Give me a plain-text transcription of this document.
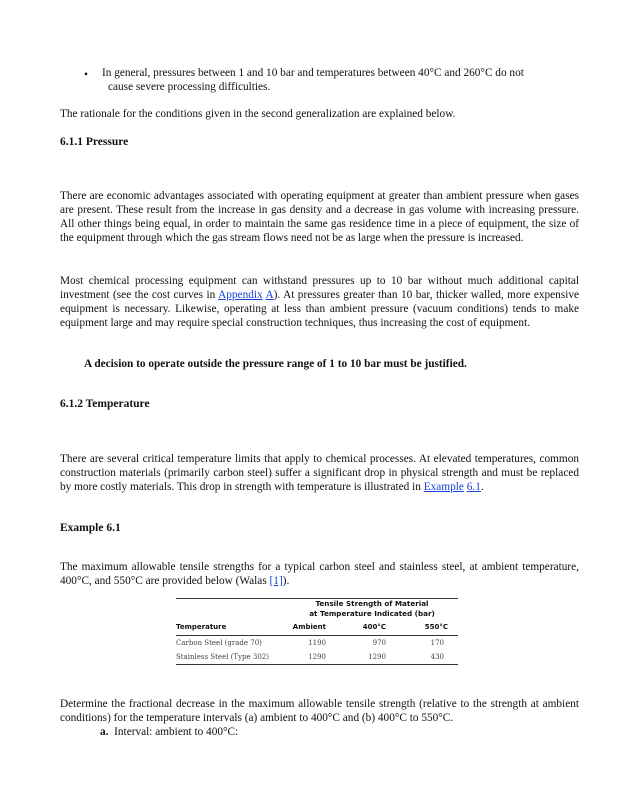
• In general, pressures between 1 and 10 bar and temperatures between 40°C and 260°C do not
cause severe processing difficulties.

The rationale for the conditions given in the second generalization are explained below.

6.1.1 Pressure

There are economic advantages associated with operating equipment at greater than ambient pressure when gases are present. These result from the increase in gas density and a decrease in gas volume with increasing pressure. All other things being equal, in order to maintain the same gas residence time in a piece of equipment, the size of the equipment through which the gas stream flows need not be as large when the pressure is increased.

Most chemical processing equipment can withstand pressures up to 10 bar without much additional capital investment (see the cost curves in Appendix A). At pressures greater than 10 bar, thicker walled, more expensive equipment is necessary. Likewise, operating at less than ambient pressure (vacuum conditions) tends to make equipment large and may require special construction techniques, thus increasing the cost of equipment.

A decision to operate outside the pressure range of 1 to 10 bar must be justified.

6.1.2 Temperature

There are several critical temperature limits that apply to chemical processes. At elevated temperatures, common construction materials (primarily carbon steel) suffer a significant drop in physical strength and must be replaced by more costly materials. This drop in strength with temperature is illustrated in Example 6.1.

Example 6.1

The maximum allowable tensile strengths for a typical carbon steel and stainless steel, at ambient temperature, 400°C, and 550°C are provided below (Walas [1]).

	Tensile Strength of Material
at Temperature Indicated (bar)		

Temperature	Ambient	400°C	550°C
Carbon Steel (grade 70)	1190	970	170
Stainless Steel (Type 302)	1290	1290	430

Determine the fractional decrease in the maximum allowable tensile strength (relative to the strength at ambient conditions) for the temperature intervals (a) ambient to 400°C and (b) 400°C to 550°C.

a. Interval: ambient to 400°C:
